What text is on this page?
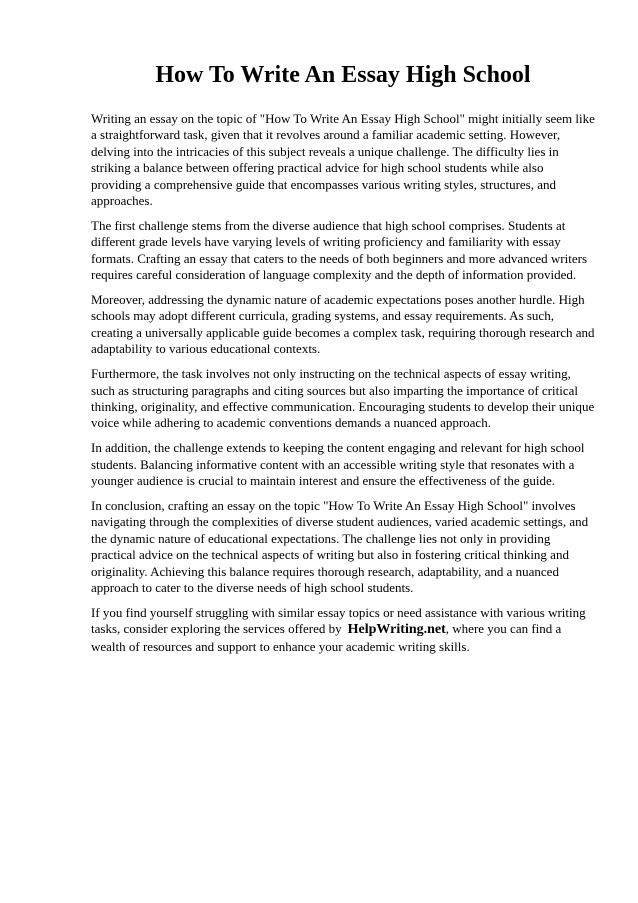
How To Write An Essay High School

Writing an essay on the topic of "How To Write An Essay High School" might initially seem like a straightforward task, given that it revolves around a familiar academic setting. However, delving into the intricacies of this subject reveals a unique challenge. The difficulty lies in striking a balance between offering practical advice for high school students while also providing a comprehensive guide that encompasses various writing styles, structures, and approaches.

The first challenge stems from the diverse audience that high school comprises. Students at different grade levels have varying levels of writing proficiency and familiarity with essay formats. Crafting an essay that caters to the needs of both beginners and more advanced writers requires careful consideration of language complexity and the depth of information provided.

Moreover, addressing the dynamic nature of academic expectations poses another hurdle. High schools may adopt different curricula, grading systems, and essay requirements. As such, creating a universally applicable guide becomes a complex task, requiring thorough research and adaptability to various educational contexts.

Furthermore, the task involves not only instructing on the technical aspects of essay writing, such as structuring paragraphs and citing sources but also imparting the importance of critical thinking, originality, and effective communication. Encouraging students to develop their unique voice while adhering to academic conventions demands a nuanced approach.

In addition, the challenge extends to keeping the content engaging and relevant for high school students. Balancing informative content with an accessible writing style that resonates with a younger audience is crucial to maintain interest and ensure the effectiveness of the guide.

In conclusion, crafting an essay on the topic "How To Write An Essay High School" involves navigating through the complexities of diverse student audiences, varied academic settings, and the dynamic nature of educational expectations. The challenge lies not only in providing practical advice on the technical aspects of writing but also in fostering critical thinking and originality. Achieving this balance requires thorough research, adaptability, and a nuanced approach to cater to the diverse needs of high school students.

If you find yourself struggling with similar essay topics or need assistance with various writing tasks, consider exploring the services offered by HelpWriting.net, where you can find a wealth of resources and support to enhance your academic writing skills.
